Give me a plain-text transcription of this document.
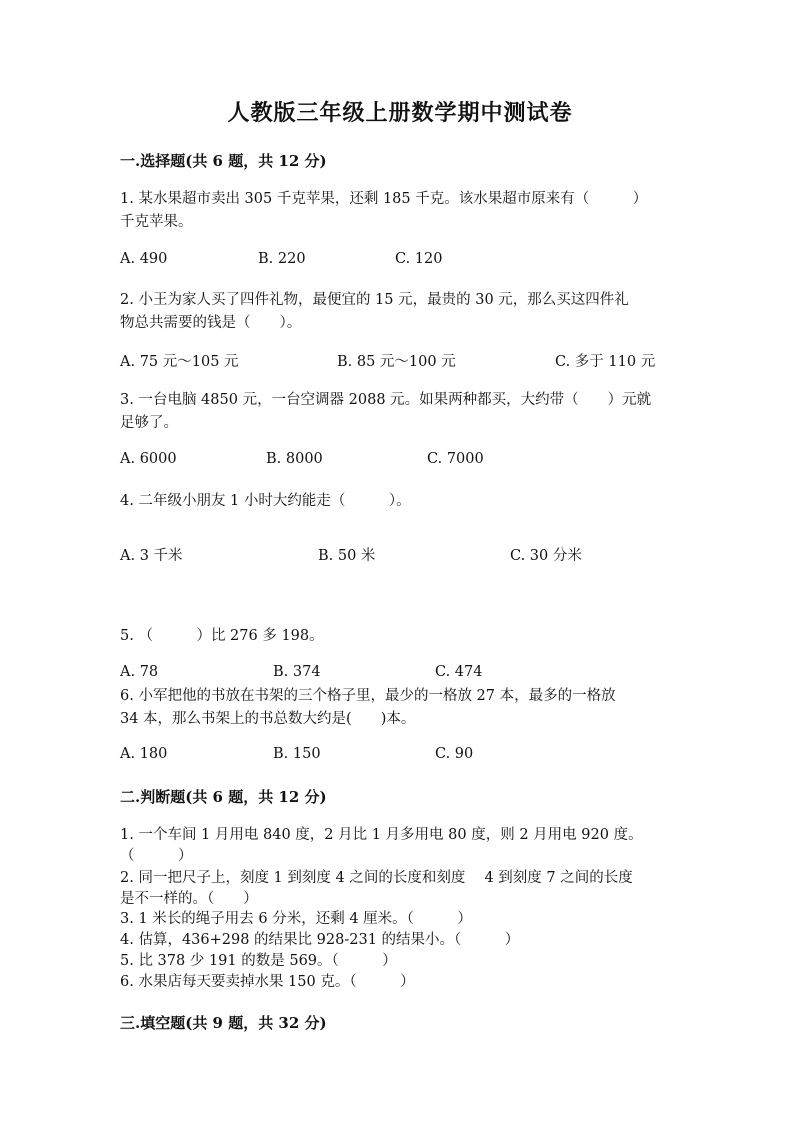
人教版三年级上册数学期中测试卷
一.选择题(共 6 题，共 12 分)
1. 某水果超市卖出 305 千克苹果，还剩 185 千克。该水果超市原来有（　　　）
千克苹果。
A. 490	B. 220	C. 120
2. 小王为家人买了四件礼物，最便宜的 15 元，最贵的 30 元，那么买这四件礼
物总共需要的钱是（　　）。
A. 75 元～105 元	B. 85 元～100 元	C. 多于 110 元
3. 一台电脑 4850 元，一台空调器 2088 元。如果两种都买，大约带（　　）元就
足够了。
A. 6000	B. 8000	C. 7000
4. 二年级小朋友 1 小时大约能走（　　　）。
A. 3 千米	B. 50 米	C. 30 分米
5. （　　　）比 276 多 198。
A. 78	B. 374	C. 474
6. 小军把他的书放在书架的三个格子里，最少的一格放 27 本，最多的一格放
34 本，那么书架上的书总数大约是(　　)本。
A. 180	B. 150	C. 90
二.判断题(共 6 题，共 12 分)
1. 一个车间 1 月用电 840 度，2 月比 1 月多用电 80 度，则 2 月用电 920 度。
（　　　）
2. 同一把尺子上，刻度 1 到刻度 4 之间的长度和刻度　 4 到刻度 7 之间的长度
是不一样的。（　　）
3. 1 米长的绳子用去 6 分米，还剩 4 厘米。（　　　）
4. 估算，436+298 的结果比 928-231 的结果小。（　　　）
5. 比 378 少 191 的数是 569。（　　　）
6. 水果店每天要卖掉水果 150 克。（　　　）
三.填空题(共 9 题，共 32 分)
